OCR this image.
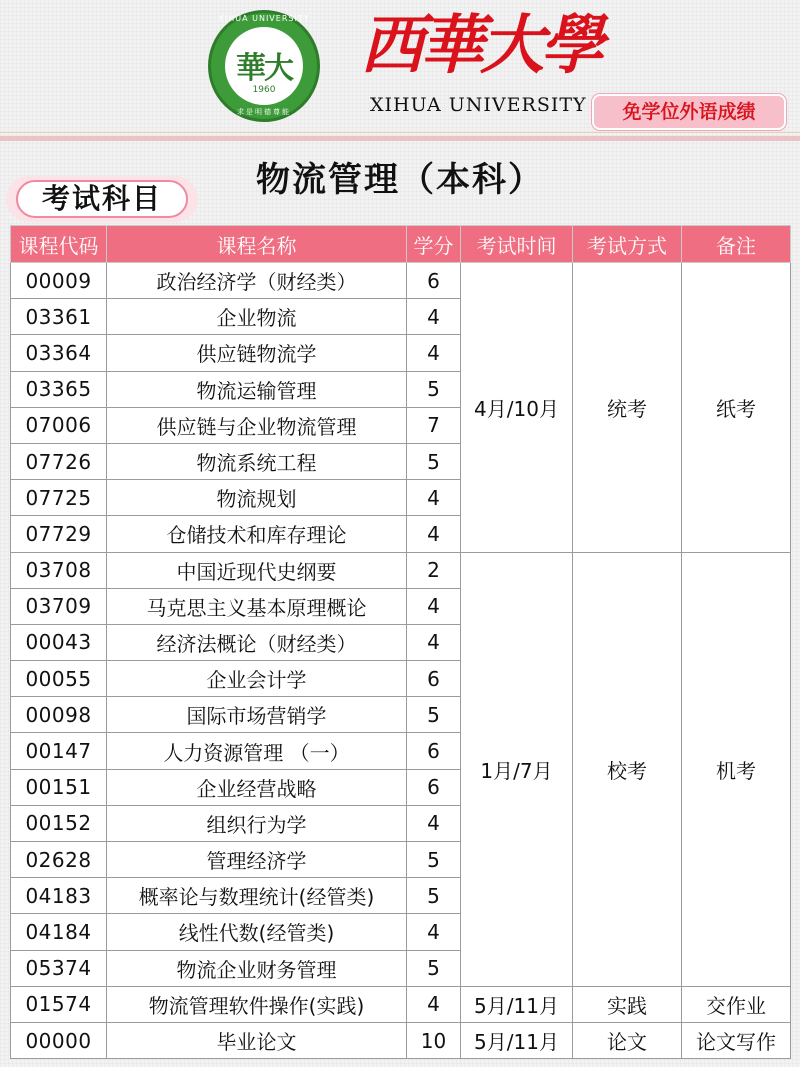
XIHUA UNIVERSITY
華大
1960
求是明德尊能
西華大學
XIHUA UNIVERSITY	免学位外语成绩
物流管理（本科）
考试科目
课程代码	课程名称	学分	考试时间	考试方式	备注
00009	政治经济学（财经类）	6	4月/10月	统考	纸考
03361	企业物流	4			
03364	供应链物流学	4			
03365	物流运输管理	5			
07006	供应链与企业物流管理	7			
07726	物流系统工程	5			
07725	物流规划	4			
07729	仓储技术和库存理论	4			
03708	中国近现代史纲要	2	1月/7月	校考	机考
03709	马克思主义基本原理概论	4			
00043	经济法概论（财经类）	4			
00055	企业会计学	6			
00098	国际市场营销学	5			
00147	人力资源管理 （一）	6			
00151	企业经营战略	6			
00152	组织行为学	4			
02628	管理经济学	5			
04183	概率论与数理统计(经管类)	5			
04184	线性代数(经管类)	4			
05374	物流企业财务管理	5			
01574	物流管理软件操作(实践)	4	5月/11月	实践	交作业
00000	毕业论文	10	5月/11月	论文	论文写作
